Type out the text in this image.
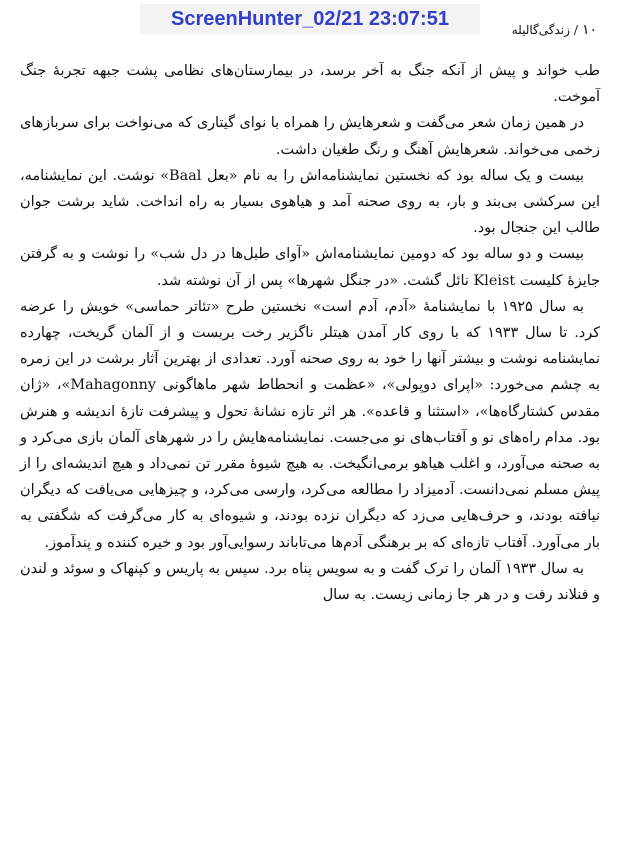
ScreenHunter_02/21 23:07:51	۱۰/زندگی‌گالیله

طب خواند و پیش از آنکه جنگ به آخر برسد، در بیمارستان‌های نظامی پشت جبهه تجربهٔ جنگ آموخت.

در همین زمان شعر می‌گفت و شعرهایش را همراه با نوای گیتاری که می‌نواخت برای سربازهای زخمی می‌خواند. شعرهایش آهنگ و رنگ طغیان داشت.

بیست و یک ساله بود که نخستین نمایشنامه‌اش را به نام «بعل Baal» نوشت. این نمایشنامه، این سرکشی بی‌بند و بار، به روی صحنه آمد و هیاهوی بسیار به راه انداخت. شاید برشت جوان طالب این جنجال بود.

بیست و دو ساله بود که دومین نمایشنامه‌اش «آوای طبل‌ها در دل شب» را نوشت و به گرفتن جایزهٔ کلیست Kleist نائل گشت. «در جنگل شهرها» پس از آن نوشته شد.

به سال ۱۹۲۵ با نمایشنامهٔ «آدم، آدم است» نخستین طرح «تئاتر حماسی» خویش را عرضه کرد. تا سال ۱۹۳۳ که با روی کار آمدن هیتلر ناگزیر رخت بربست و از آلمان گریخت، چهارده نمایشنامه نوشت و بیشتر آنها را خود به روی صحنه آورد. تعدادی از بهترین آثار برشت در این زمره به چشم می‌خورد: «اپرای دوپولی»، «عظمت و انحطاط شهر ماهاگونی Mahagonny»، «ژان مقدس کشتارگاه‌ها»، «استثنا و قاعده». هر اثر تازه نشانهٔ تحول و پیشرفت تازهٔ اندیشه و هنرش بود. مدام راه‌های نو و آفتاب‌های نو می‌جست. نمایشنامه‌هایش را در شهرهای آلمان بازی می‌کرد و به صحنه می‌آورد، و اغلب هیاهو برمی‌انگیخت. به هیچ شیوهٔ مقرر تن نمی‌داد و هیچ اندیشه‌ای را از پیش مسلم نمی‌دانست. آدمیزاد را مطالعه می‌کرد، وارسی می‌کرد، و چیزهایی می‌یافت که دیگران نیافته بودند، و حرف‌هایی می‌زد که دیگران نزده بودند، و شیوه‌ای به کار می‌گرفت که شگفتی به بار می‌آورد. آفتاب تازه‌ای که بر برهنگی آدم‌ها می‌تاباند رسوایی‌آور بود و خیره کننده و پندآموز.

به سال ۱۹۳۳ آلمان را ترک گفت و به سویس پناه برد. سپس به پاریس و کپنهاک و سوئد و لندن و فنلاند رفت و در هر جا زمانی زیست. به سال
